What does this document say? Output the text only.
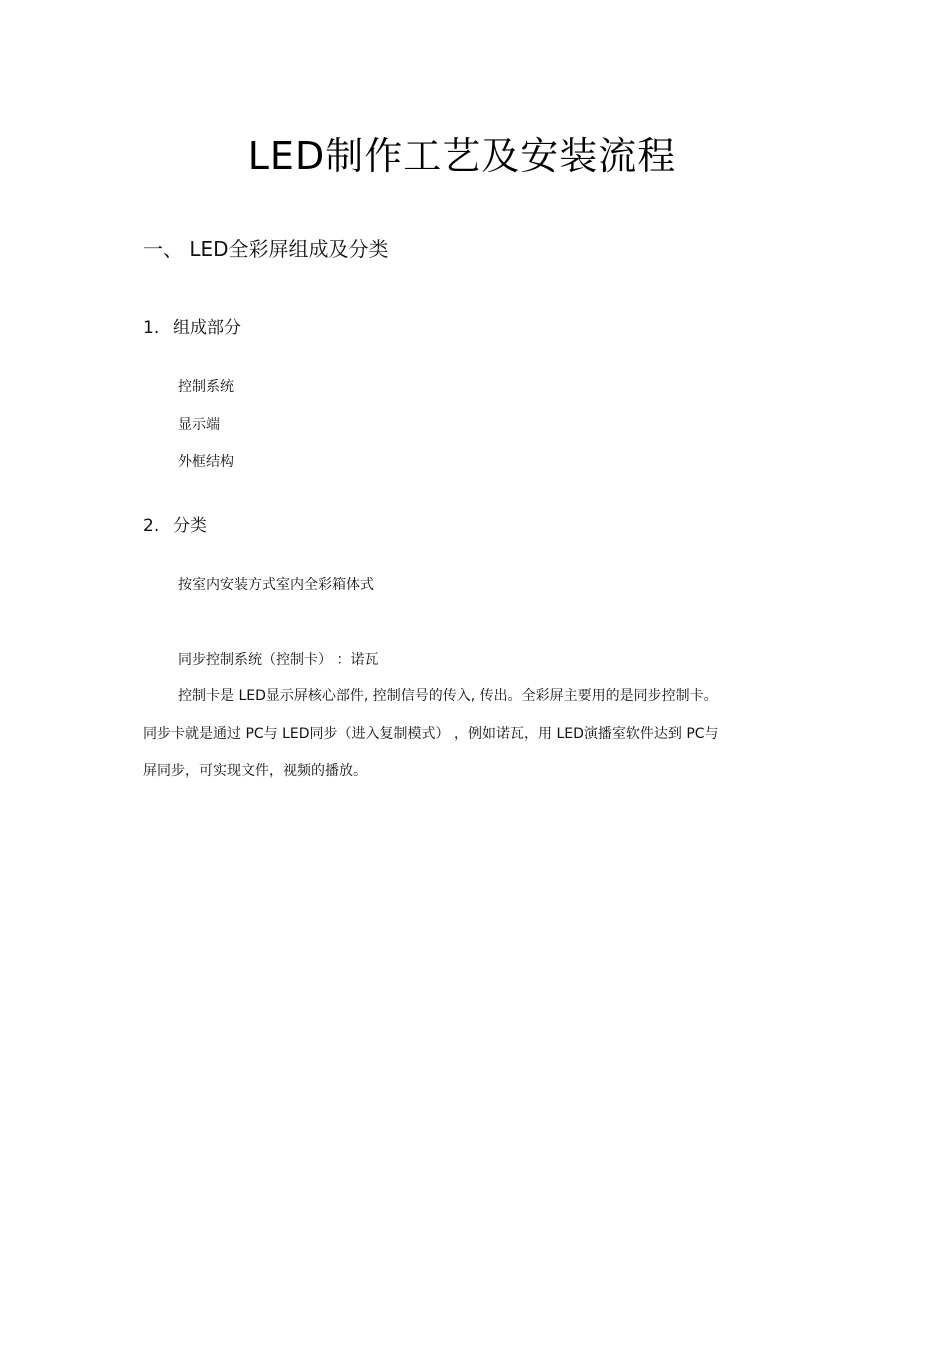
LED制作工艺及安装流程
一、 LED全彩屏组成及分类
1. 组成部分
控制系统
显示端
外框结构
2. 分类
按室内安装方式室内全彩箱体式
同步控制系统（控制卡） ：诺瓦
控制卡是 LED显示屏核心部件, 控制信号的传入, 传出。全彩屏主要用的是同步控制卡。
同步卡就是通过 PC与 LED同步（进入复制模式） ，例如诺瓦，用 LED演播室软件达到 PC与
屏同步，可实现文件，视频的播放。
